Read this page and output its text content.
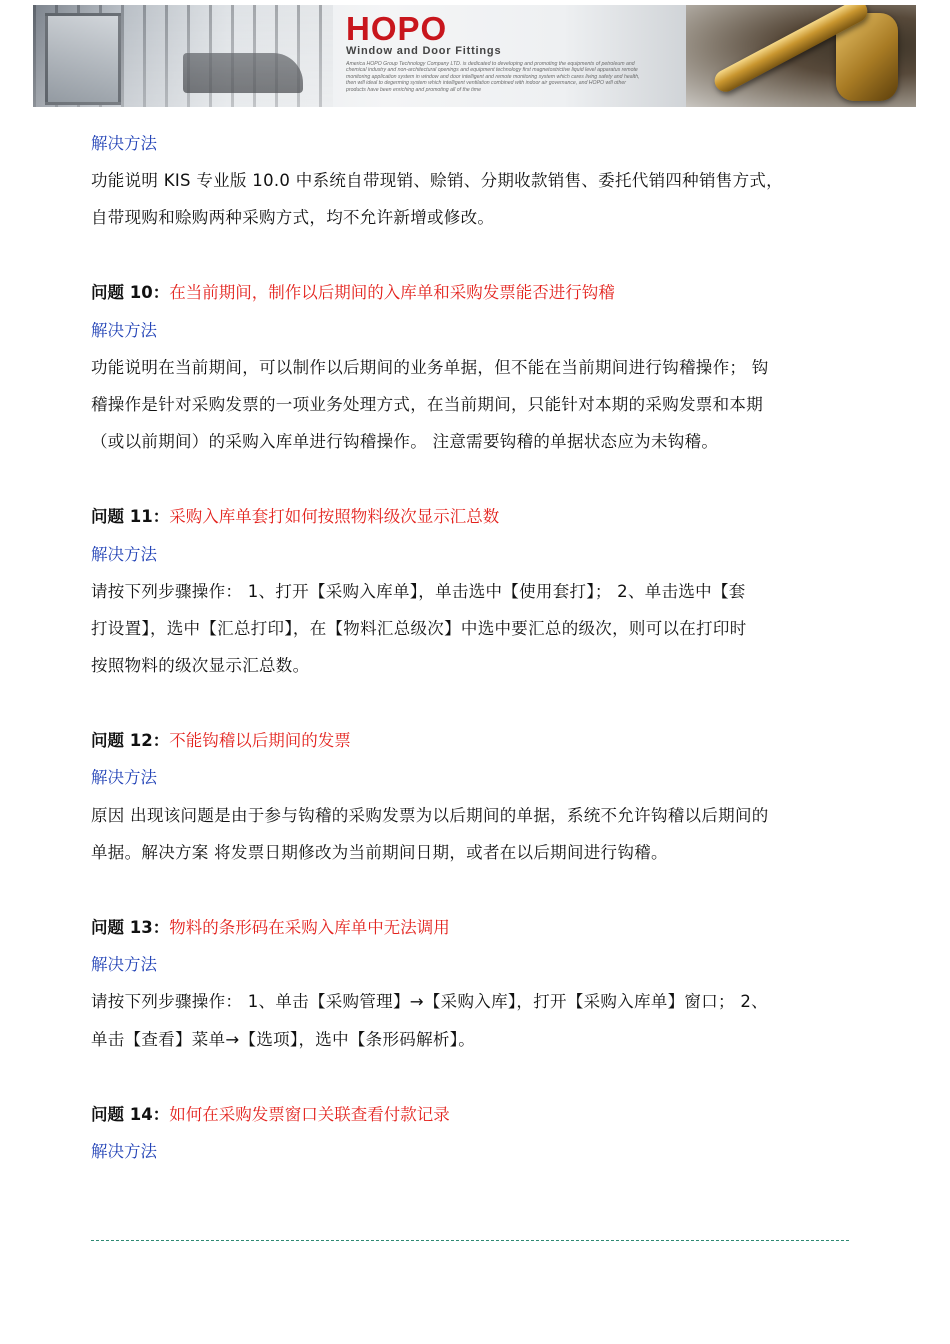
HOPO
Window and Door Fittings
America HOPO Group Technology Company LTD. is dedicated to developing and promoting the equipments of petroleum and chemical industry and non-architectural openings and equipment technology first magnetostrictive liquid level apparatus remote monitoring application system in window and door intelligent and remote monitoring system which cares living safety and health, then will ideal to degerming system which intelligent ventilation combined with indoor air governance, and HOPO will other products have been enriching and promoting all of the time
解决方法
功能说明 KIS 专业版 10.0 中系统自带现销、赊销、分期收款销售、委托代销四种销售方式，
自带现购和赊购两种采购方式，均不允许新增或修改。
问题 10：在当前期间，制作以后期间的入库单和采购发票能否进行钩稽
解决方法
功能说明在当前期间，可以制作以后期间的业务单据，但不能在当前期间进行钩稽操作； 钩
稽操作是针对采购发票的一项业务处理方式，在当前期间，只能针对本期的采购发票和本期
（或以前期间）的采购入库单进行钩稽操作。 注意需要钩稽的单据状态应为未钩稽。
问题 11：采购入库单套打如何按照物料级次显示汇总数
解决方法
请按下列步骤操作： 1、打开【采购入库单】，单击选中【使用套打】； 2、单击选中【套
打设置】，选中【汇总打印】，在【物料汇总级次】中选中要汇总的级次，则可以在打印时
按照物料的级次显示汇总数。
问题 12：不能钩稽以后期间的发票
解决方法
原因 出现该问题是由于参与钩稽的采购发票为以后期间的单据，系统不允许钩稽以后期间的
单据。解决方案 将发票日期修改为当前期间日期，或者在以后期间进行钩稽。
问题 13：物料的条形码在采购入库单中无法调用
解决方法
请按下列步骤操作： 1、单击【采购管理】→【采购入库】，打开【采购入库单】窗口； 2、
单击【查看】菜单→【选项】，选中【条形码解析】。
问题 14：如何在采购发票窗口关联查看付款记录
解决方法
